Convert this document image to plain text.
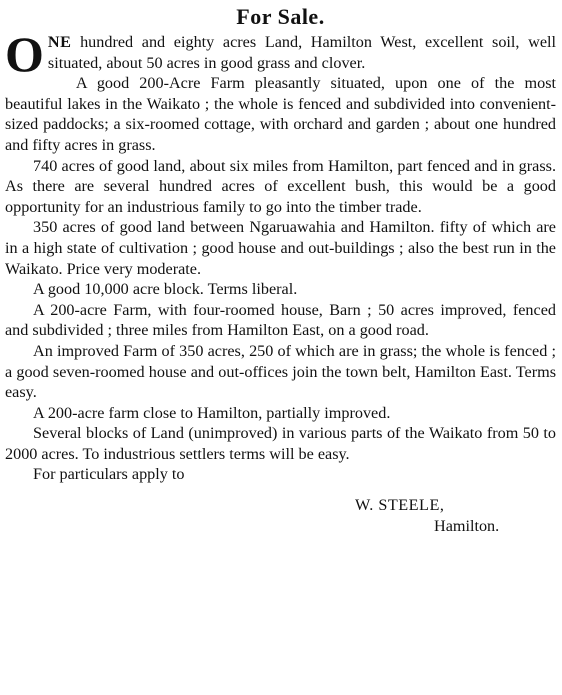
For Sale.

ONE hundred and eighty acres Land, Hamilton West, excellent soil, well situated, about 50 acres in good grass and clover.

A good 200-Acre Farm pleasantly situated, upon one of the most beautiful lakes in the Waikato ; the whole is fenced and subdivided into convenient-sized paddocks; a six-roomed cottage, with orchard and garden ; about one hundred and fifty acres in grass.

740 acres of good land, about six miles from Hamilton, part fenced and in grass. As there are several hundred acres of excellent bush, this would be a good opportunity for an industrious family to go into the timber trade.

350 acres of good land between Ngaruawahia and Hamilton. fifty of which are in a high state of cultivation ; good house and out-buildings ; also the best run in the Waikato. Price very moderate.

A good 10,000 acre block. Terms liberal.

A 200-acre Farm, with four-roomed house, Barn ; 50 acres improved, fenced and subdivided ; three miles from Hamilton East, on a good road.

An improved Farm of 350 acres, 250 of which are in grass; the whole is fenced ; a good seven-roomed house and out-offices join the town belt, Hamilton East. Terms easy.

A 200-acre farm close to Hamilton, partially improved.

Several blocks of Land (unimproved) in various parts of the Waikato from 50 to 2000 acres. To industrious settlers terms will be easy.

For particulars apply to

W. STEELE,
Hamilton.
